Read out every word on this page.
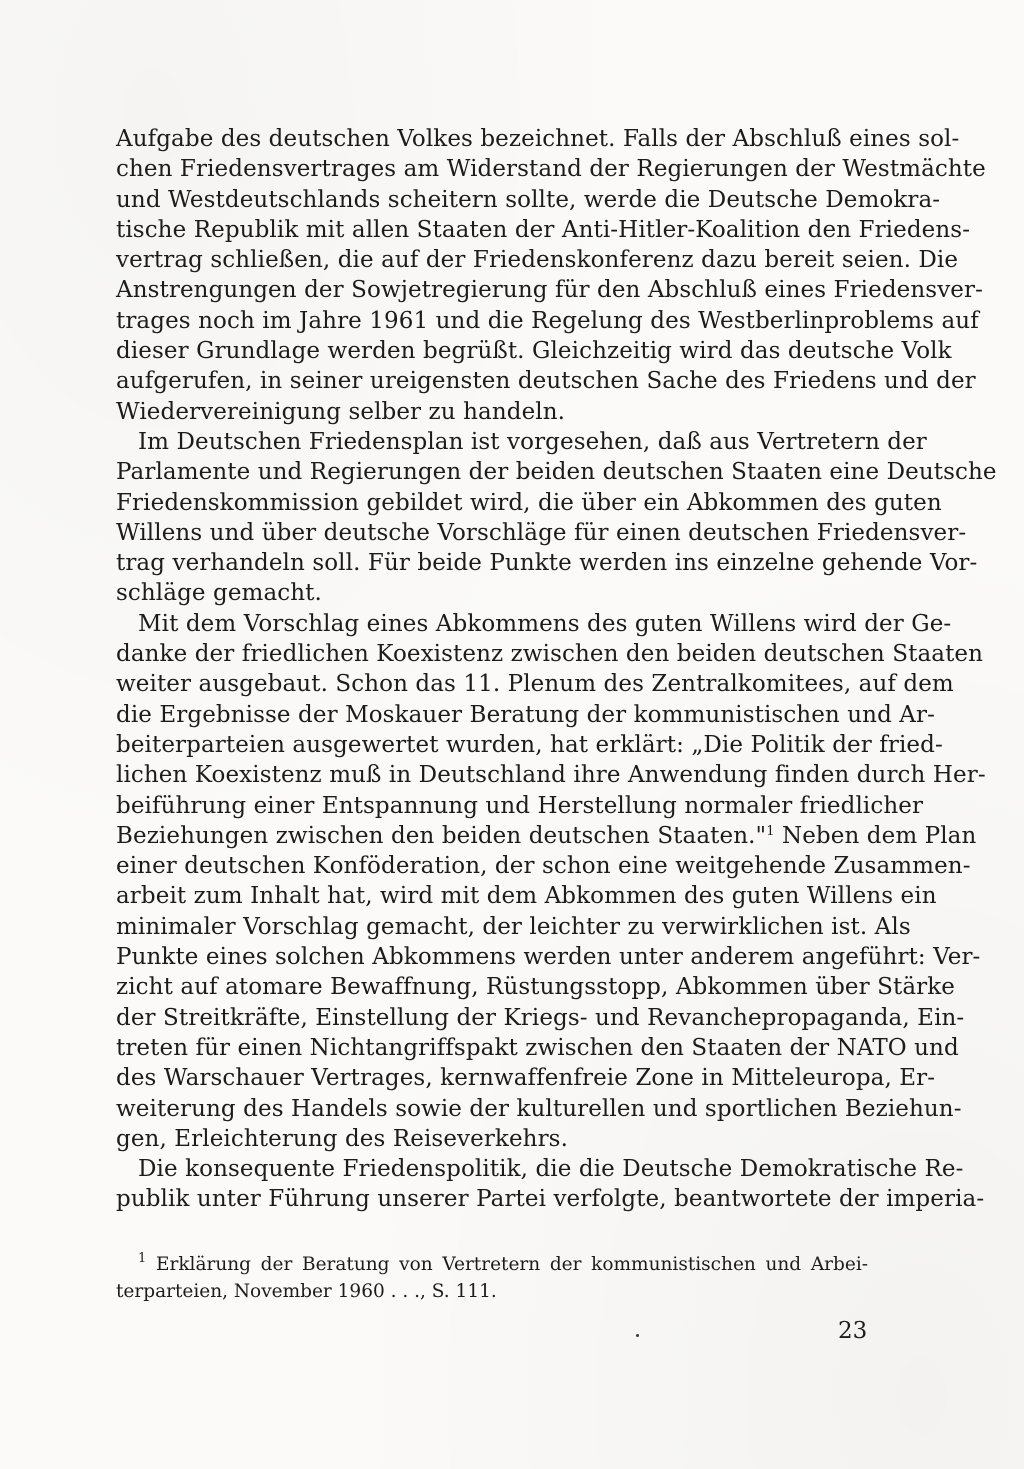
Aufgabe des deutschen Volkes bezeichnet. Falls der Abschluß eines sol-
chen Friedensvertrages am Widerstand der Regierungen der Westmächte
und Westdeutschlands scheitern sollte, werde die Deutsche Demokra-
tische Republik mit allen Staaten der Anti-Hitler-Koalition den Friedens-
vertrag schließen, die auf der Friedenskonferenz dazu bereit seien. Die
Anstrengungen der Sowjetregierung für den Abschluß eines Friedensver-
trages noch im Jahre 1961 und die Regelung des Westberlinproblems auf
dieser Grundlage werden begrüßt. Gleichzeitig wird das deutsche Volk
aufgerufen, in seiner ureigensten deutschen Sache des Friedens und der
Wiedervereinigung selber zu handeln.

Im Deutschen Friedensplan ist vorgesehen, daß aus Vertretern der
Parlamente und Regierungen der beiden deutschen Staaten eine Deutsche
Friedenskommission gebildet wird, die über ein Abkommen des guten
Willens und über deutsche Vorschläge für einen deutschen Friedensver-
trag verhandeln soll. Für beide Punkte werden ins einzelne gehende Vor-
schläge gemacht.

Mit dem Vorschlag eines Abkommens des guten Willens wird der Ge-
danke der friedlichen Koexistenz zwischen den beiden deutschen Staaten
weiter ausgebaut. Schon das 11. Plenum des Zentralkomitees, auf dem
die Ergebnisse der Moskauer Beratung der kommunistischen und Ar-
beiterparteien ausgewertet wurden, hat erklärt: „Die Politik der fried-
lichen Koexistenz muß in Deutschland ihre Anwendung finden durch Her-
beiführung einer Entspannung und Herstellung normaler friedlicher
Beziehungen zwischen den beiden deutschen Staaten."$^1$ Neben dem Plan
einer deutschen Konföderation, der schon eine weitgehende Zusammen-
arbeit zum Inhalt hat, wird mit dem Abkommen des guten Willens ein
minimaler Vorschlag gemacht, der leichter zu verwirklichen ist. Als
Punkte eines solchen Abkommens werden unter anderem angeführt: Ver-
zicht auf atomare Bewaffnung, Rüstungsstopp, Abkommen über Stärke
der Streitkräfte, Einstellung der Kriegs- und Revanchepropaganda, Ein-
treten für einen Nichtangriffspakt zwischen den Staaten der NATO und
des Warschauer Vertrages, kernwaffenfreie Zone in Mitteleuropa, Er-
weiterung des Handels sowie der kulturellen und sportlichen Beziehun-
gen, Erleichterung des Reiseverkehrs.

Die konsequente Friedenspolitik, die die Deutsche Demokratische Re-
publik unter Führung unserer Partei verfolgte, beantwortete der imperia-

$^1$ Erklärung der Beratung von Vertretern der kommunistischen und Arbei-
terparteien, November 1960 . . ., S. 111.
23
